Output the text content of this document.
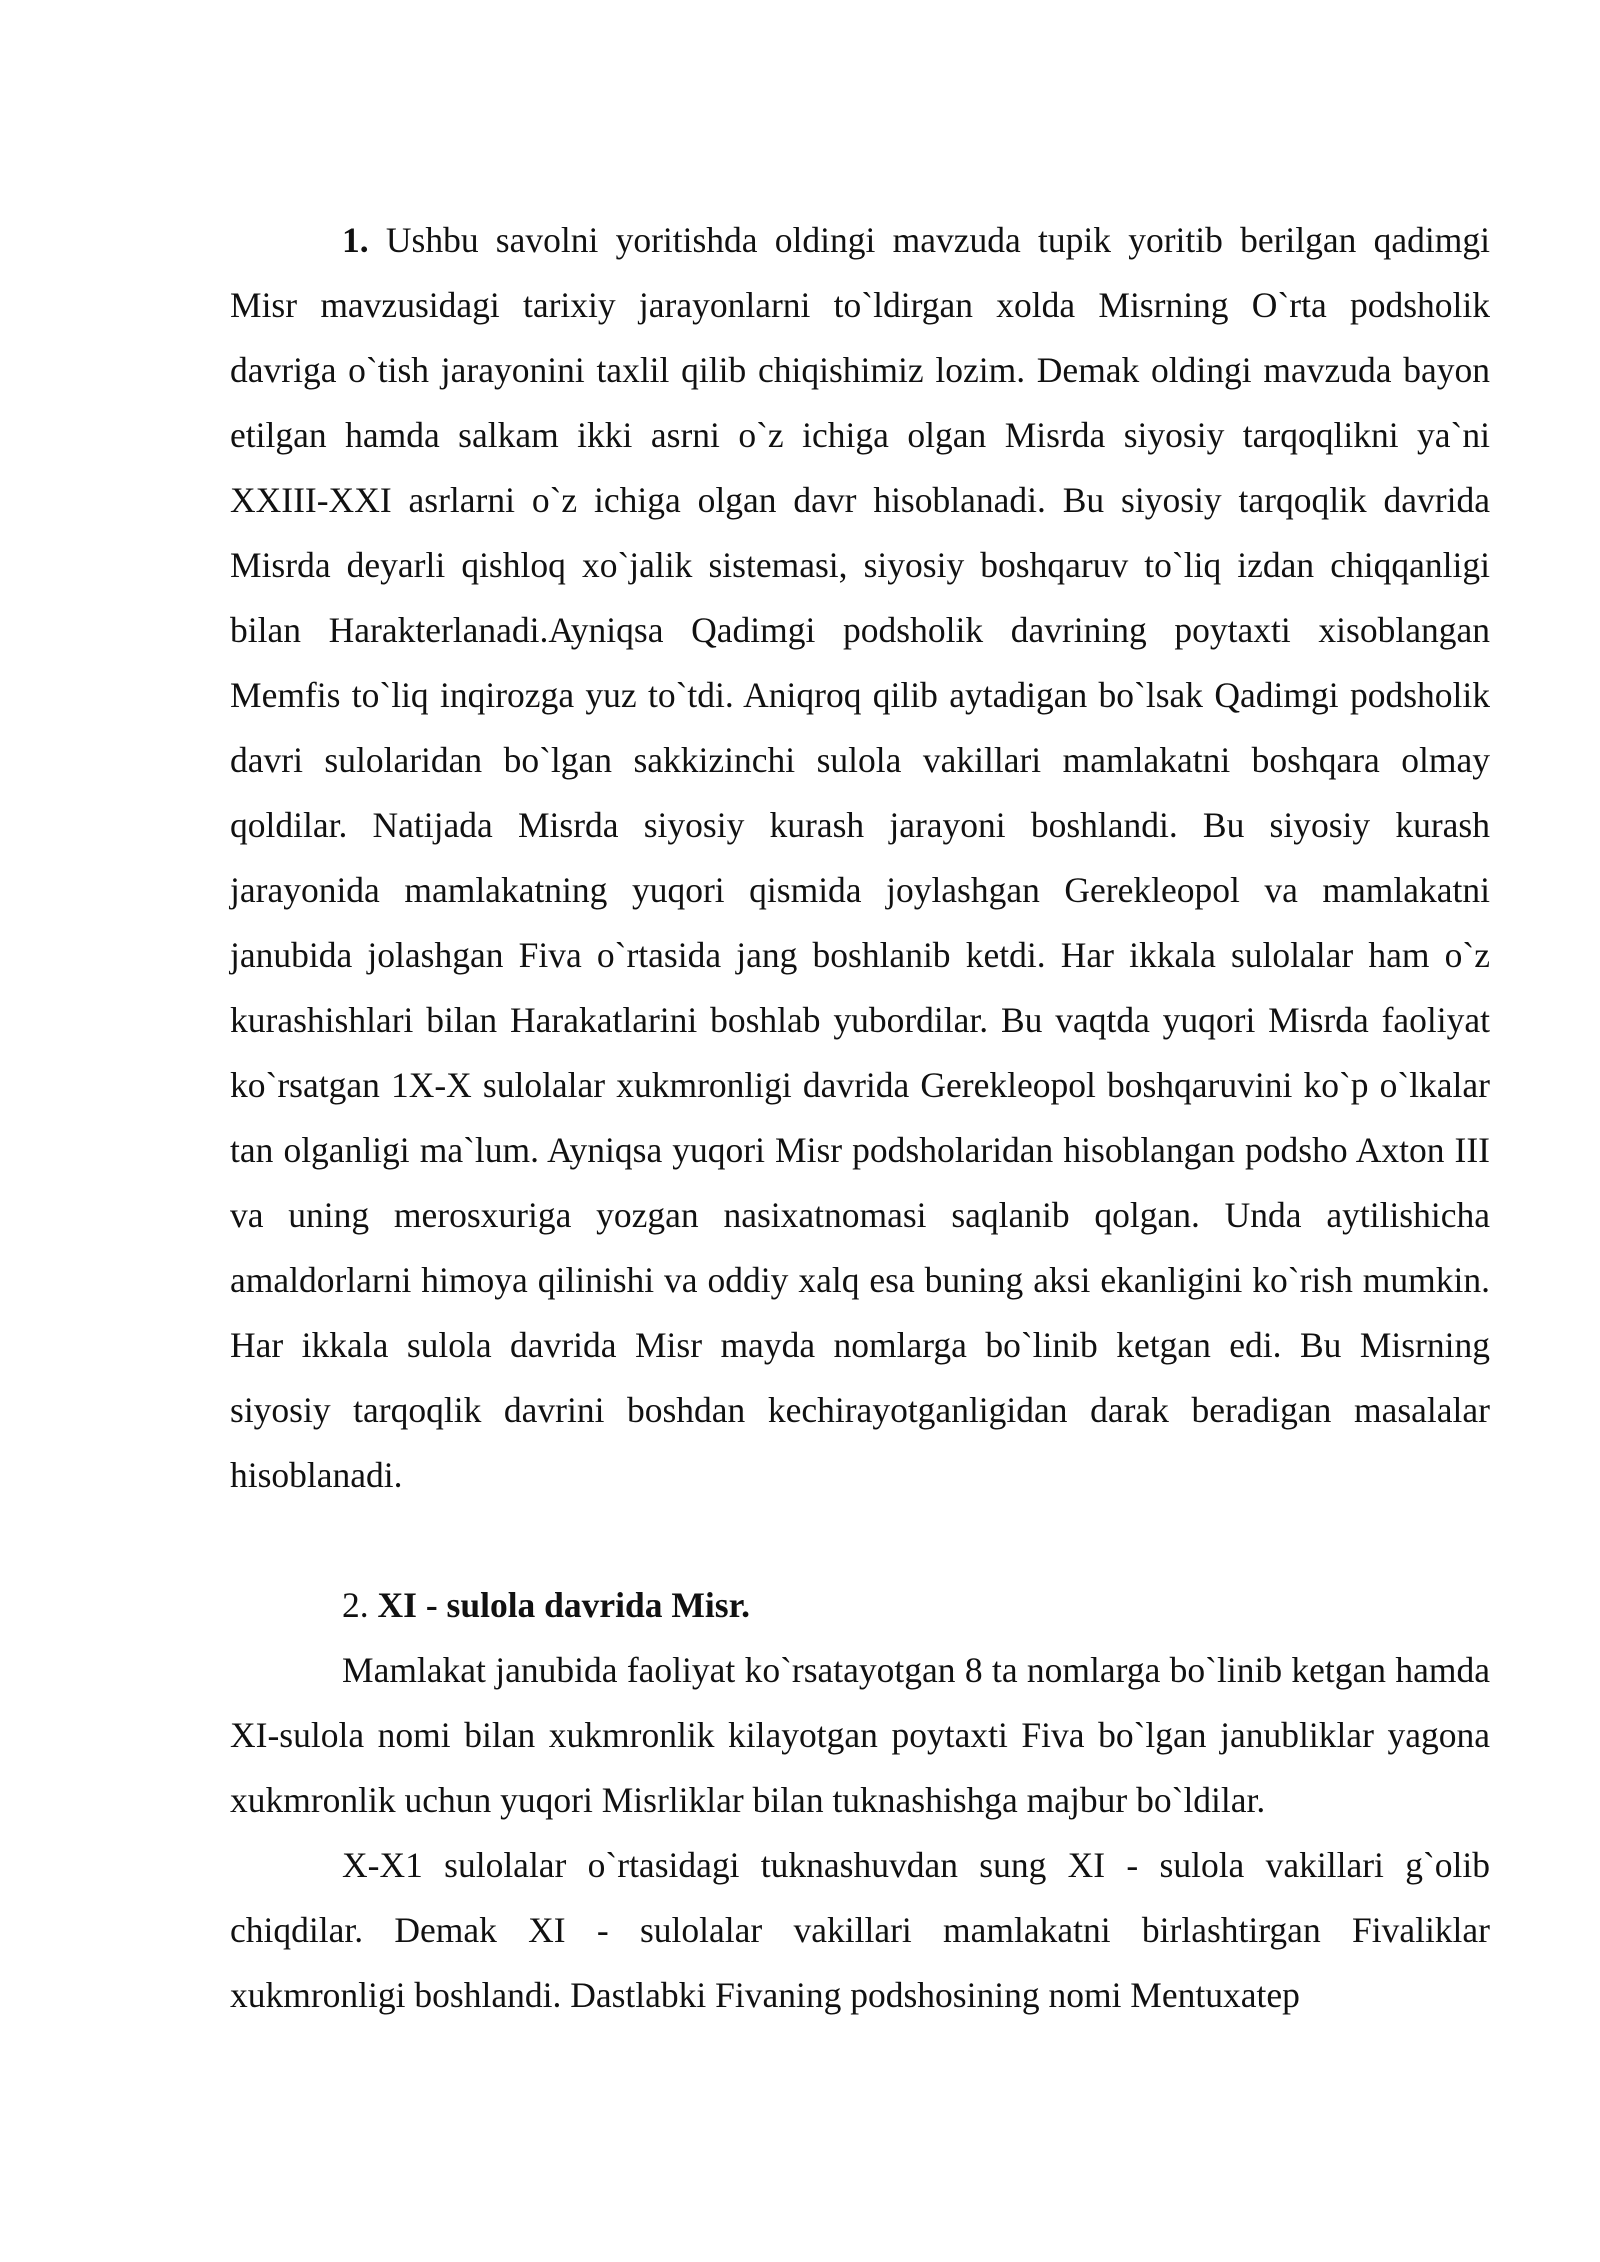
1. Ushbu savolni yoritishda oldingi mavzuda tupik yoritib berilgan qadimgi Misr mavzusidagi tarixiy jarayonlarni to`ldirgan xolda Misrning O`rta podsholik davriga o`tish jarayonini taxlil qilib chiqishimiz lozim. Demak oldingi mavzuda bayon etilgan hamda salkam ikki asrni o`z ichiga olgan Misrda siyosiy tarqoqlikni ya`ni XXIII-XXI asrlarni o`z ichiga olgan davr hisoblanadi. Bu siyosiy tarqoqlik davrida Misrda deyarli qishloq xo`jalik sistemasi, siyosiy boshqaruv to`liq izdan chiqqanligi bilan Harakterlanadi.Ayniqsa Qadimgi podsholik davrining poytaxti xisoblangan Memfis to`liq inqirozga yuz to`tdi. Aniqroq qilib aytadigan bo`lsak Qadimgi podsholik davri sulolaridan bo`lgan sakkizinchi sulola vakillari mamlakatni boshqara olmay qoldilar. Natijada Misrda siyosiy kurash jarayoni boshlandi. Bu siyosiy kurash jarayonida mamlakatning yuqori qismida joylashgan Gerekleopol va mamlakatni janubida jolashgan Fiva o`rtasida jang boshlanib ketdi. Har ikkala sulolalar ham o`z kurashishlari bilan Harakatlarini boshlab yubordilar. Bu vaqtda yuqori Misrda faoliyat ko`rsatgan 1X-X sulolalar xukmronligi davrida Gerekleopol boshqaruvini ko`p o`lkalar tan olganligi ma`lum. Ayniqsa yuqori Misr podsholaridan hisoblangan podsho Axton III va uning merosxuriga yozgan nasixatnomasi saqlanib qolgan. Unda aytilishicha amaldorlarni himoya qilinishi va oddiy xalq esa buning aksi ekanligini ko`rish mumkin. Har ikkala sulola davrida Misr mayda nomlarga bo`linib ketgan edi. Bu Misrning siyosiy tarqoqlik davrini boshdan kechirayotganligidan darak beradigan masalalar hisoblanadi.

2. XI - sulola davrida Misr.

Mamlakat janubida faoliyat ko`rsatayotgan 8 ta nomlarga bo`linib ketgan hamda XI-sulola nomi bilan xukmronlik kilayotgan poytaxti Fiva bo`lgan janubliklar yagona xukmronlik uchun yuqori Misrliklar bilan tuknashishga majbur bo`ldilar.

X-X1 sulolalar o`rtasidagi tuknashuvdan sung XI - sulola vakillari g`olib chiqdilar. Demak XI - sulolalar vakillari mamlakatni birlashtirgan Fivaliklar xukmronligi boshlandi. Dastlabki Fivaning podshosining nomi Mentuxatep
